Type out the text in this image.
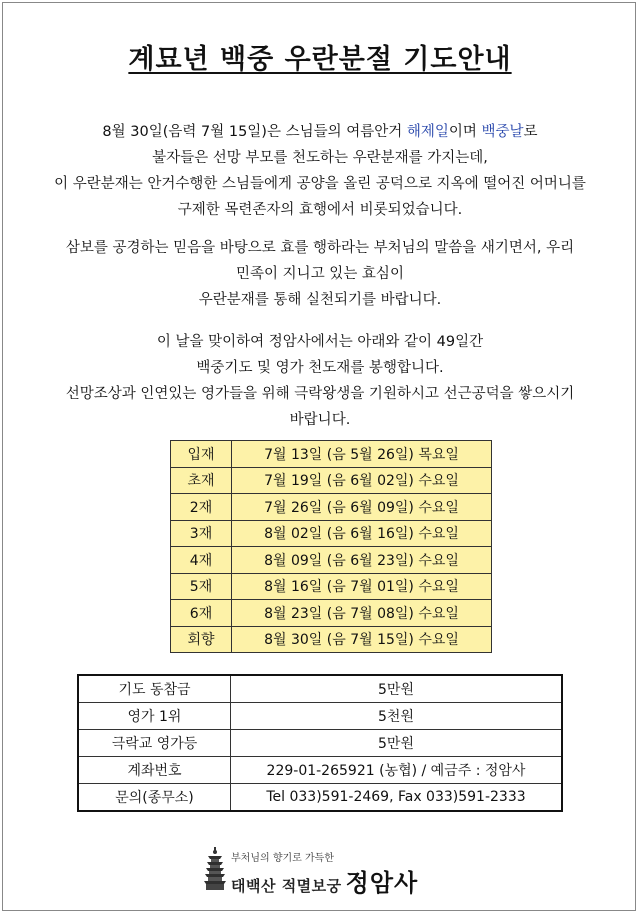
계묘년 백중 우란분절 기도안내
8월 30일(음력 7월 15일)은 스님들의 여름안거 해제일이며 백중날로
불자들은 선망 부모를 천도하는 우란분재를 가지는데,
이 우란분재는 안거수행한 스님들에게 공양을 올린 공덕으로 지옥에 떨어진 어머니를
구제한 목련존자의 효행에서 비롯되었습니다.
삼보를 공경하는 믿음을 바탕으로 효를 행하라는 부처님의 말씀을 새기면서, 우리
민족이 지니고 있는 효심이
우란분재를 통해 실천되기를 바랍니다.
이 날을 맞이하여 정암사에서는 아래와 같이 49일간
백중기도 및 영가 천도재를 봉행합니다.
선망조상과 인연있는 영가들을 위해 극락왕생을 기원하시고 선근공덕을 쌓으시기
바랍니다.
입재	7월 13일 (음 5월 26일) 목요일
초재	7월 19일 (음 6월 02일) 수요일
2재	7월 26일 (음 6월 09일) 수요일
3재	8월 02일 (음 6월 16일) 수요일
4재	8월 09일 (음 6월 23일) 수요일
5재	8월 16일 (음 7월 01일) 수요일
6재	8월 23일 (음 7월 08일) 수요일
회향	8월 30일 (음 7월 15일) 수요일
기도 동참금	5만원
영가 1위	5천원
극락교 영가등	5만원
계좌번호	229-01-265921 (농협) / 예금주 : 정암사
문의(종무소)	Tel 033)591-2469, Fax 033)591-2333
부처님의 향기로 가득한
태백산 적멸보궁 정암사
